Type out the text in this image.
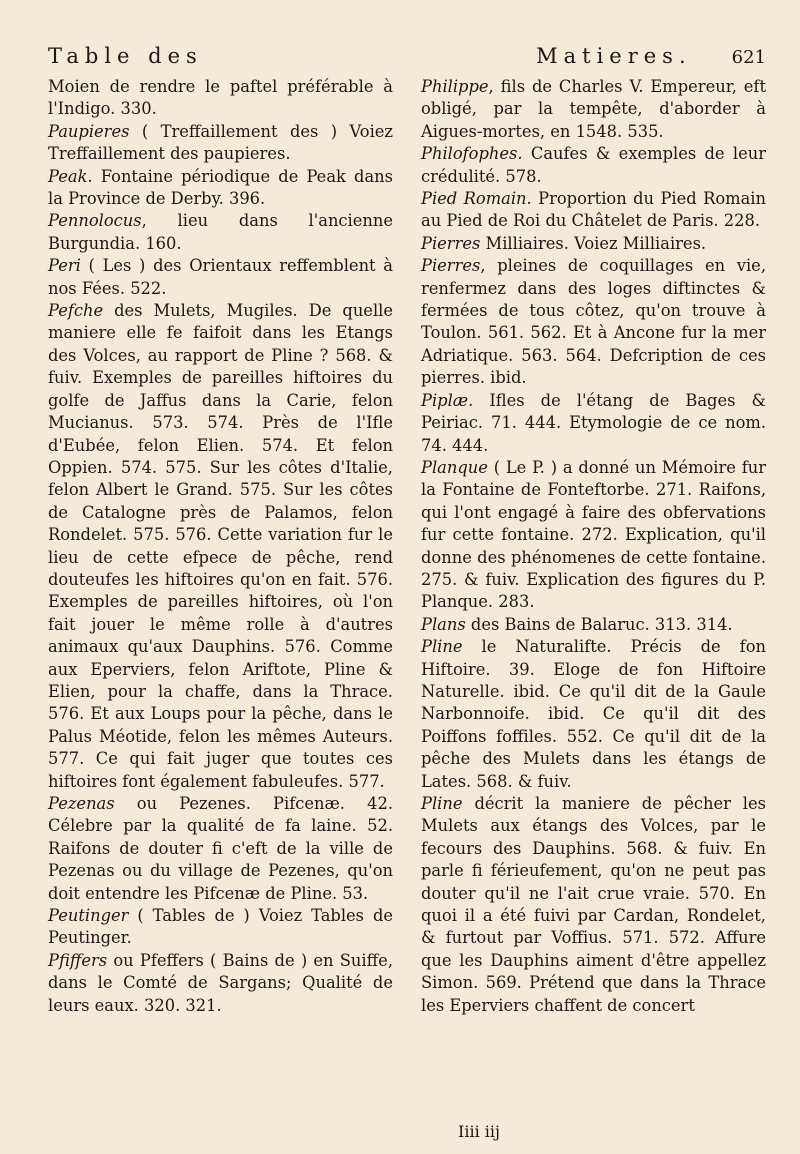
Table des	Matieres. 621

Moien de rendre le paftel préférable à l'Indigo. 330.

Paupieres ( Treffaillement des ) Voiez Treffaillement des paupieres.

Peak. Fontaine périodique de Peak dans la Province de Derby. 396.

Pennolocus, lieu dans l'ancienne Burgundia. 160.

Peri ( Les ) des Orientaux reffemblent à nos Fées. 522.

Pefche des Mulets, Mugiles. De quelle maniere elle fe faifoit dans les Etangs des Volces, au rapport de Pline ? 568. & fuiv. Exemples de pareilles hiftoires du golfe de Jaffus dans la Carie, felon Mucianus. 573. 574. Près de l'Ifle d'Eubée, felon Elien. 574. Et felon Oppien. 574. 575. Sur les côtes d'Italie, felon Albert le Grand. 575. Sur les côtes de Catalogne près de Palamos, felon Rondelet. 575. 576. Cette variation fur le lieu de cette efpece de pêche, rend douteufes les hiftoires qu'on en fait. 576. Exemples de pareilles hiftoires, où l'on fait jouer le même rolle à d'autres animaux qu'aux Dauphins. 576. Comme aux Eperviers, felon Ariftote, Pline & Elien, pour la chaffe, dans la Thrace. 576. Et aux Loups pour la pêche, dans le Palus Méotide, felon les mêmes Auteurs. 577. Ce qui fait juger que toutes ces hiftoires font également fabuleufes. 577.

Pezenas ou Pezenes. Pifcenæ. 42. Célebre par la qualité de fa laine. 52. Raifons de douter fi c'eft de la ville de Pezenas ou du village de Pezenes, qu'on doit entendre les Pifcenæ de Pline. 53.

Peutinger ( Tables de ) Voiez Tables de Peutinger.

Pfiffers ou Pfeffers ( Bains de ) en Suiffe, dans le Comté de Sargans; Qualité de leurs eaux. 320. 321.

Philippe, fils de Charles V. Empereur, eft obligé, par la tempête, d'aborder à Aigues-mortes, en 1548. 535.

Philofophes. Caufes & exemples de leur crédulité. 578.

Pied Romain. Proportion du Pied Romain au Pied de Roi du Châtelet de Paris. 228.

Pierres Milliaires. Voiez Milliaires.

Pierres, pleines de coquillages en vie, renfermez dans des loges diftinctes & fermées de tous côtez, qu'on trouve à Toulon. 561. 562. Et à Ancone fur la mer Adriatique. 563. 564. Defcription de ces pierres. ibid.

Piplæ. Ifles de l'étang de Bages & Peiriac. 71. 444. Etymologie de ce nom. 74. 444.

Planque ( Le P. ) a donné un Mémoire fur la Fontaine de Fonteftorbe. 271. Raifons, qui l'ont engagé à faire des obfervations fur cette fontaine. 272. Explication, qu'il donne des phénomenes de cette fontaine. 275. & fuiv. Explication des figures du P. Planque. 283.

Plans des Bains de Balaruc. 313. 314.

Pline le Naturalifte. Précis de fon Hiftoire. 39. Eloge de fon Hiftoire Naturelle. ibid. Ce qu'il dit de la Gaule Narbonnoife. ibid. Ce qu'il dit des Poiffons foffiles. 552. Ce qu'il dit de la pêche des Mulets dans les étangs de Lates. 568. & fuiv.

Pline décrit la maniere de pêcher les Mulets aux étangs des Volces, par le fecours des Dauphins. 568. & fuiv. En parle fi férieufement, qu'on ne peut pas douter qu'il ne l'ait crue vraie. 570. En quoi il a été fuivi par Cardan, Rondelet, & furtout par Voffius. 571. 572. Affure que les Dauphins aiment d'être appellez Simon. 569. Prétend que dans la Thrace les Eperviers chaffent de concert

Iiii iij
